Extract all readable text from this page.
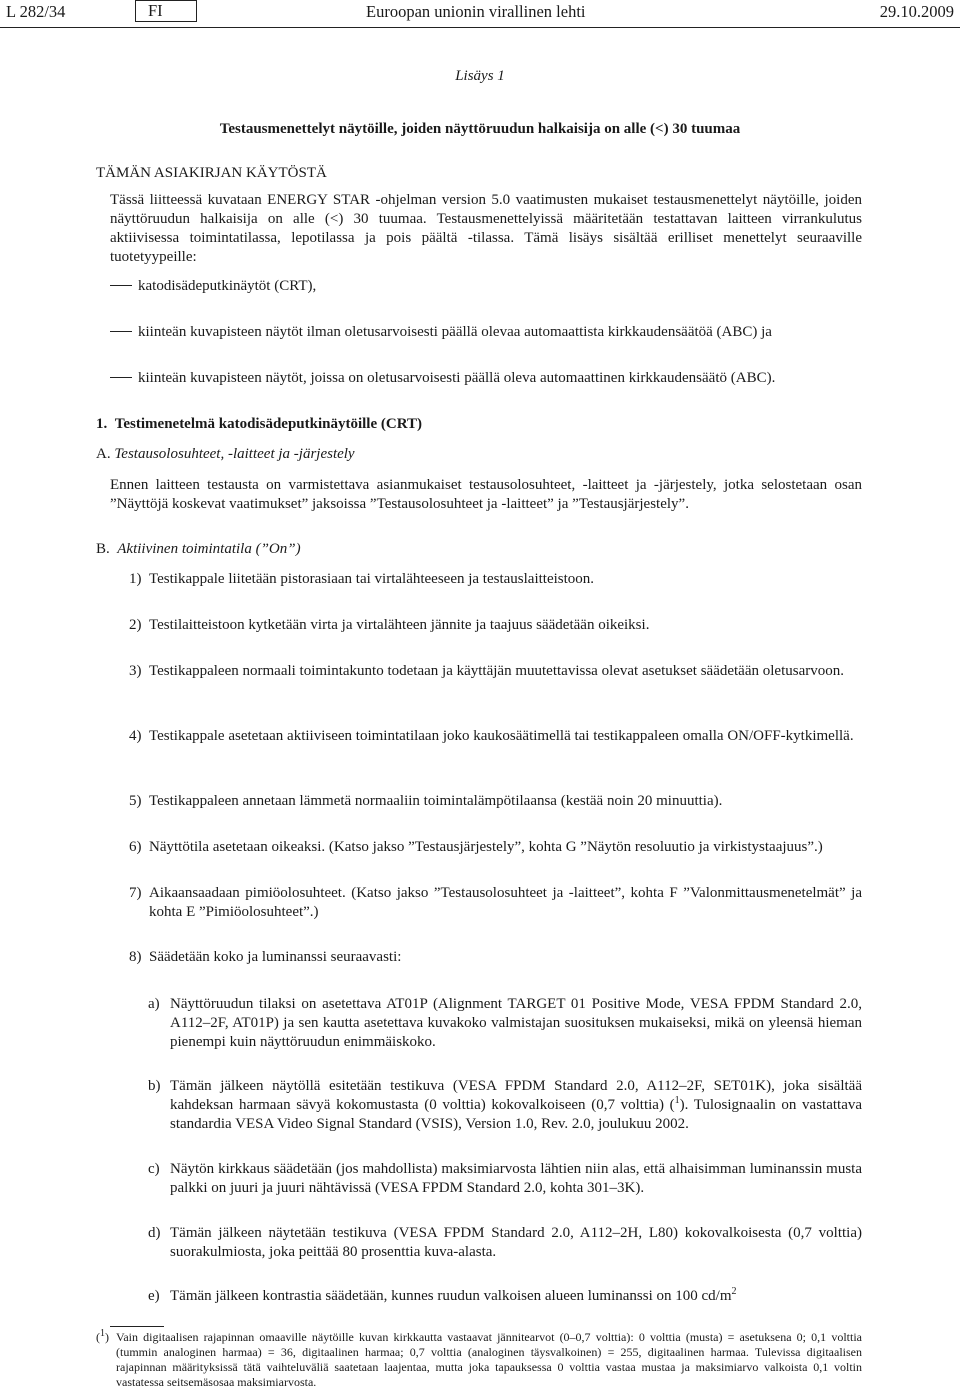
L 282/34	FI	Euroopan unionin virallinen lehti	29.10.2009
Lisäys 1
Testausmenettelyt näytöille, joiden näyttöruudun halkaisija on alle (<) 30 tuumaa
TÄMÄN ASIAKIRJAN KÄYTÖSTÄ
Tässä liitteessä kuvataan ENERGY STAR -ohjelman version 5.0 vaatimusten mukaiset testausmenettelyt näytöille, joiden näyttöruudun halkaisija on alle (<) 30 tuumaa. Testausmenettelyissä määritetään testattavan laitteen virrankulutus aktiivisessa toimintatilassa, lepotilassa ja pois päältä -tilassa. Tämä lisäys sisältää erilliset menettelyt seuraaville tuotetyypeille:
katodisädeputkinäytöt (CRT),
kiinteän kuvapisteen näytöt ilman oletusarvoisesti päällä olevaa automaattista kirkkaudensäätöä (ABC) ja
kiinteän kuvapisteen näytöt, joissa on oletusarvoisesti päällä oleva automaattinen kirkkaudensäätö (ABC).
1. Testimenetelmä katodisädeputkinäytöille (CRT)
A. Testausolosuhteet, -laitteet ja -järjestely
Ennen laitteen testausta on varmistettava asianmukaiset testausolosuhteet, -laitteet ja -järjestely, jotka selostetaan osan ”Näyttöjä koskevat vaatimukset” jaksoissa ”Testausolosuhteet ja -laitteet” ja ”Testausjärjestely”.
B. Aktiivinen toimintatila (”On”)
1) Testikappale liitetään pistorasiaan tai virtalähteeseen ja testauslaitteistoon.
2) Testilaitteistoon kytketään virta ja virtalähteen jännite ja taajuus säädetään oikeiksi.
3) Testikappaleen normaali toimintakunto todetaan ja käyttäjän muutettavissa olevat asetukset säädetään oletusarvoon.
4) Testikappale asetetaan aktiiviseen toimintatilaan joko kaukosäätimellä tai testikappaleen omalla ON/OFF-kytkimellä.
5) Testikappaleen annetaan lämmetä normaaliin toimintalämpötilaansa (kestää noin 20 minuuttia).
6) Näyttötila asetetaan oikeaksi. (Katso jakso ”Testausjärjestely”, kohta G ”Näytön resoluutio ja virkistystaajuus”.)
7) Aikaansaadaan pimiöolosuhteet. (Katso jakso ”Testausolosuhteet ja -laitteet”, kohta F ”Valonmittausmenetelmät” ja kohta E ”Pimiöolosuhteet”.)
8) Säädetään koko ja luminanssi seuraavasti:
a) Näyttöruudun tilaksi on asetettava AT01P (Alignment TARGET 01 Positive Mode, VESA FPDM Standard 2.0, A112–2F, AT01P) ja sen kautta asetettava kuvakoko valmistajan suosituksen mukaiseksi, mikä on yleensä hieman pienempi kuin näyttöruudun enimmäiskoko.
b) Tämän jälkeen näytöllä esitetään testikuva (VESA FPDM Standard 2.0, A112–2F, SET01K), joka sisältää kahdeksan harmaan sävyä kokomustasta (0 volttia) kokovalkoiseen (0,7 volttia) ($^1$). Tulosignaalin on vastattava standardia VESA Video Signal Standard (VSIS), Version 1.0, Rev. 2.0, joulukuu 2002.
c) Näytön kirkkaus säädetään (jos mahdollista) maksimiarvosta lähtien niin alas, että alhaisimman luminanssin musta palkki on juuri ja juuri nähtävissä (VESA FPDM Standard 2.0, kohta 301–3K).
d) Tämän jälkeen näytetään testikuva (VESA FPDM Standard 2.0, A112–2H, L80) kokovalkoisesta (0,7 volttia) suorakulmiosta, joka peittää 80 prosenttia kuva-alasta.
e) Tämän jälkeen kontrastia säädetään, kunnes ruudun valkoisen alueen luminanssi on 100 $cd/m^2$
($^1$) Vain digitaalisen rajapinnan omaaville näytöille kuvan kirkkautta vastaavat jännitearvot (0–0,7 volttia): 0 volttia (musta) = asetuksena 0; 0,1 volttia (tummin analoginen harmaa) = 36, digitaalinen harmaa; 0,7 volttia (analoginen täysvalkoinen) = 255, digitaalinen harmaa. Tulevissa digitaalisen rajapinnan määrityksissä tätä vaihteluväliä saatetaan laajentaa, mutta joka tapauksessa 0 volttia vastaa mustaa ja maksimiarvo valkoista 0,1 voltin vastatessa seitsemäsosaa maksimiarvosta.
